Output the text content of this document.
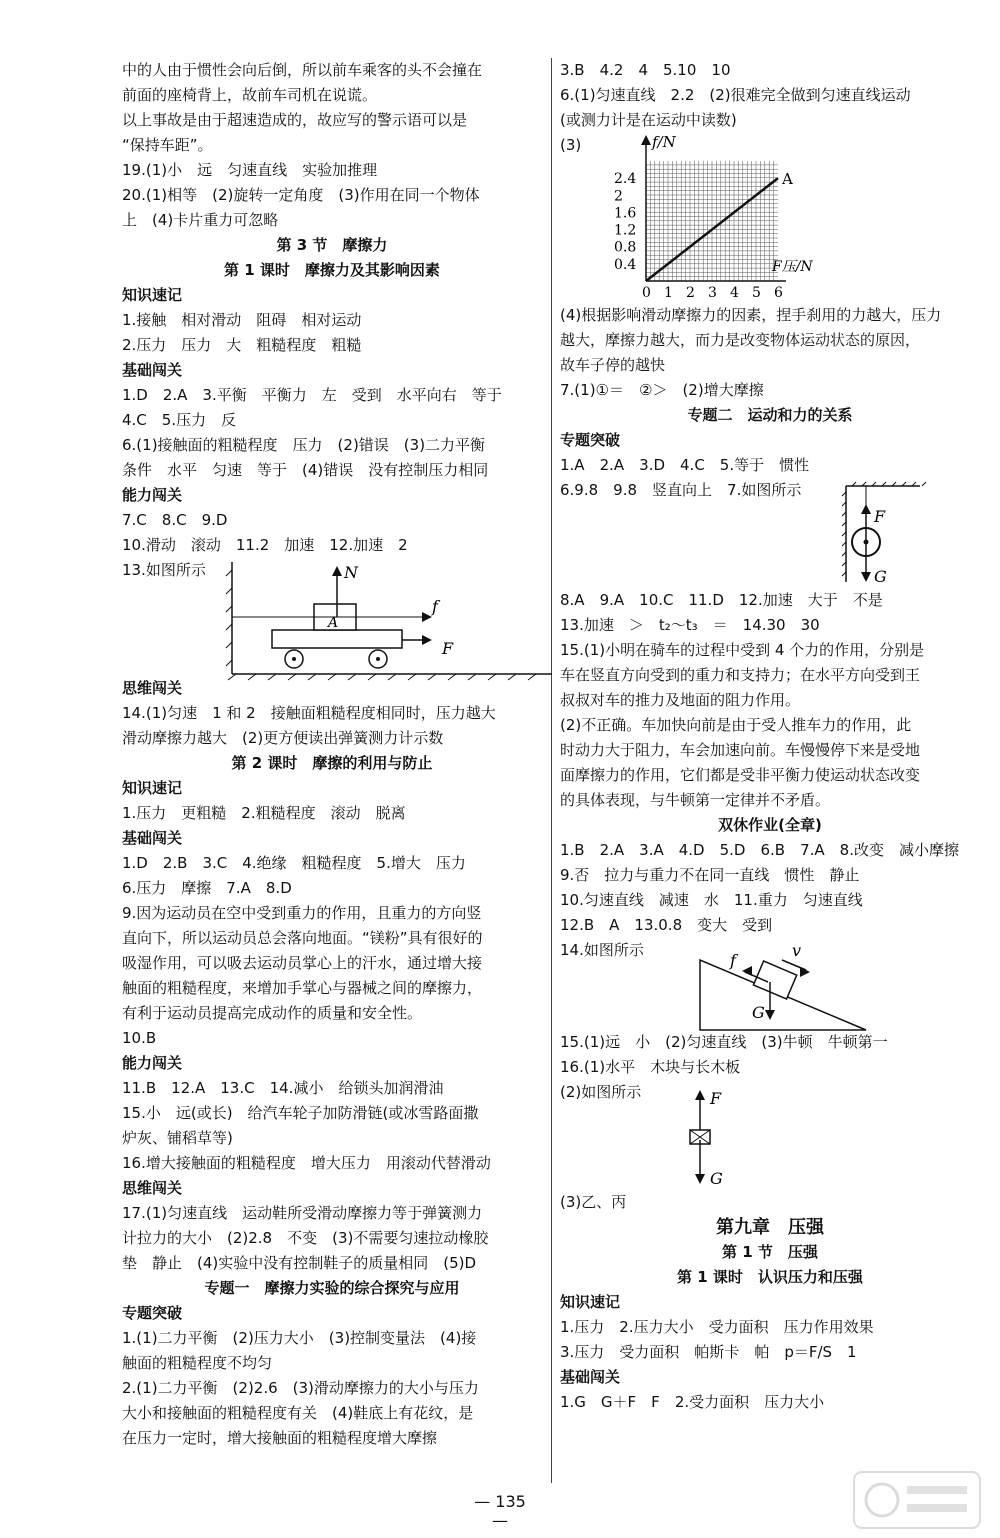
中的人由于惯性会向后倒，所以前车乘客的头不会撞在
前面的座椅背上，故前车司机在说谎。
以上事故是由于超速造成的，故应写的警示语可以是
“保持车距”。
19.(1)小　远　匀速直线　实验加推理
20.(1)相等　(2)旋转一定角度　(3)作用在同一个物体
上　(4)卡片重力可忽略
第 3 节　摩擦力
第 1 课时　摩擦力及其影响因素
知识速记
1.接触　相对滑动　阻碍　相对运动
2.压力　压力　大　粗糙程度　粗糙
基础闯关
1.D　2.A　3.平衡　平衡力　左　受到　水平向右　等于
4.C　5.压力　反
6.(1)接触面的粗糙程度　压力　(2)错误　(3)二力平衡
条件　水平　匀速　等于　(4)错误　没有控制压力相同
能力闯关
7.C　8.C　9.D
10.滑动　滚动　11.2　加速　12.加速　2
13.如图所示	N
A
f
F
思维闯关
14.(1)匀速　1 和 2　接触面粗糙程度相同时，压力越大
滑动摩擦力越大　(2)更方便读出弹簧测力计示数
第 2 课时　摩擦的利用与防止
知识速记
1.压力　更粗糙　2.粗糙程度　滚动　脱离
基础闯关
1.D　2.B　3.C　4.绝缘　粗糙程度　5.增大　压力
6.压力　摩擦　7.A　8.D
9.因为运动员在空中受到重力的作用，且重力的方向竖
直向下，所以运动员总会落向地面。“镁粉”具有很好的
吸湿作用，可以吸去运动员掌心上的汗水，通过增大接
触面的粗糙程度，来增加手掌心与器械之间的摩擦力，
有利于运动员提高完成动作的质量和安全性。
10.B
能力闯关
11.B　12.A　13.C　14.减小　给锁头加润滑油
15.小　远(或长)　给汽车轮子加防滑链(或冰雪路面撒
炉灰、铺稻草等)
16.增大接触面的粗糙程度　增大压力　用滚动代替滑动
思维闯关
17.(1)匀速直线　运动鞋所受滑动摩擦力等于弹簧测力
计拉力的大小　(2)2.8　不变　(3)不需要匀速拉动橡胶
垫　静止　(4)实验中没有控制鞋子的质量相同　(5)D
专题一　摩擦力实验的综合探究与应用
专题突破
1.(1)二力平衡　(2)压力大小　(3)控制变量法　(4)接
触面的粗糙程度不均匀
2.(1)二力平衡　(2)2.6　(3)滑动摩擦力的大小与压力
大小和接触面的粗糙程度有关　(4)鞋底上有花纹，是
在压力一定时，增大接触面的粗糙程度增大摩擦
3.B　4.2　4　5.10　10
6.(1)匀速直线　2.2　(2)很难完全做到匀速直线运动
(或测力计是在运动中读数)
(3)
0 1 2 3 4 5 6
0.4
0.8
1.2
1.6
2
2.4	A
f/N
F压/N
(4)根据影响滑动摩擦力的因素，捏手刹用的力越大，压力
越大，摩擦力越大，而力是改变物体运动状态的原因，
故车子停的越快
7.(1)①＝　②＞　(2)增大摩擦
专题二　运动和力的关系
专题突破
1.A　2.A　3.D　4.C　5.等于　惯性
6.9.8　9.8　竖直向上　7.如图所示
F
G
8.A　9.A　10.C　11.D　12.加速　大于　不是
13.加速　＞　t₂～t₃　＝　14.30　30
15.(1)小明在骑车的过程中受到 4 个力的作用，分别是
车在竖直方向受到的重力和支持力；在水平方向受到王
叔叔对车的推力及地面的阻力作用。
(2)不正确。车加快向前是由于受人推车力的作用，此
时动力大于阻力，车会加速向前。车慢慢停下来是受地
面摩擦力的作用，它们都是受非平衡力使运动状态改变
的具体表现，与牛顿第一定律并不矛盾。
双休作业(全章)
1.B　2.A　3.A　4.D　5.D　6.B　7.A　8.改变　减小摩擦
9.否　拉力与重力不在同一直线　惯性　静止
10.匀速直线　减速　水　11.重力　匀速直线
12.B　A　13.0.8　变大　受到
14.如图所示
f
v
G
15.(1)远　小　(2)匀速直线　(3)牛顿　牛顿第一
16.(1)水平　木块与长木板
(2)如图所示	F
G
(3)乙、丙
第九章　压强
第 1 节　压强
第 1 课时　认识压力和压强
知识速记
1.压力　2.压力大小　受力面积　压力作用效果
3.压力　受力面积　帕斯卡　帕　p＝F/S　1
基础闯关
1.G　G＋F　F　2.受力面积　压力大小
— 135 —
